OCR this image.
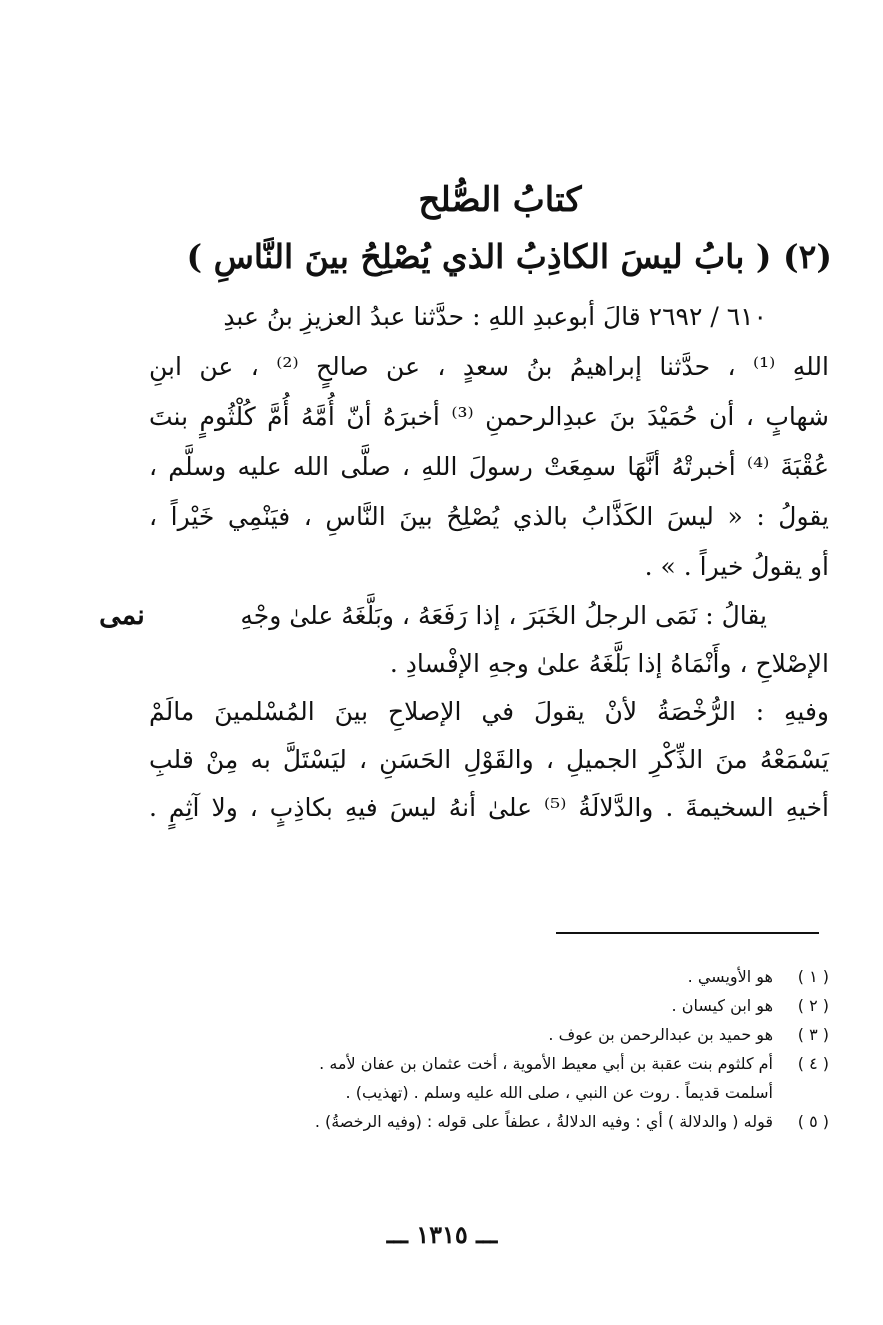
كتابُ الصُّلح
(٢) ( بابُ ليسَ الكاذِبُ الذي يُصْلِحُ بينَ النَّاسِ )
٦١٠ / ٢٦٩٢ قالَ أبوعبدِ اللهِ : حدَّثنا عبدُ العزيزِ بنُ عبدِ
اللهِ ⁽¹⁾ ، حدَّثنا إبراهيمُ بنُ سعدٍ ، عن صالحٍ ⁽²⁾ ، عن ابنِ
شهابٍ ، أن حُمَيْدَ بنَ عبدِالرحمنِ ⁽³⁾ أخبرَهُ أنّ أُمَّهُ أُمَّ كُلْثُومٍ بنتَ
عُقْبَةَ ⁽⁴⁾ أخبرتْهُ أنَّهَا سمِعَتْ رسولَ اللهِ ، صلَّى الله عليه وسلَّم ،
يقولُ : « ليسَ الكَذَّابُ بالذي يُصْلِحُ بينَ النَّاسِ ، فيَنْمِي خَيْراً ،
أو يقولُ خيراً . » .
نمى	يقالُ : نَمَى الرجلُ الخَبَرَ ، إذا رَفَعَهُ ، وبَلَّغَهُ علىٰ وجْهِ
الإصْلاحِ ، وأَنْمَاهُ إذا بَلَّغَهُ علىٰ وجهِ الإفْسادِ .
وفيهِ : الرُّخْصَةُ لأنْ يقولَ في الإصلاحِ بينَ المُسْلمينَ مالَمْ
يَسْمَعْهُ منَ الذِّكْرِ الجميلِ ، والقَوْلِ الحَسَنِ ، ليَسْتَلَّ به مِنْ قلبِ
أخيهِ السخيمةَ . والدَّلالَةُ ⁽⁵⁾ علىٰ أنهُ ليسَ فيهِ بكاذِبٍ ، ولا آثِمٍ .
( ١ )
هو الأويسي .
( ٢ )
هو ابن كيسان .
( ٣ )
هو حميد بن عبدالرحمن بن عوف .
( ٤ )
أم كلثوم بنت عقبة بن أبي معيط الأموية ، أخت عثمان بن عفان لأمه .
أسلمت قديماً . روت عن النبي ، صلى الله عليه وسلم . (تهذيب) .
( ٥ )
قوله ( والدلالة ) أي : وفيه الدلالةُ ، عطفاً على قوله : (وفيه الرخصةُ) .
ـــ ١٣١٥ ـــ
